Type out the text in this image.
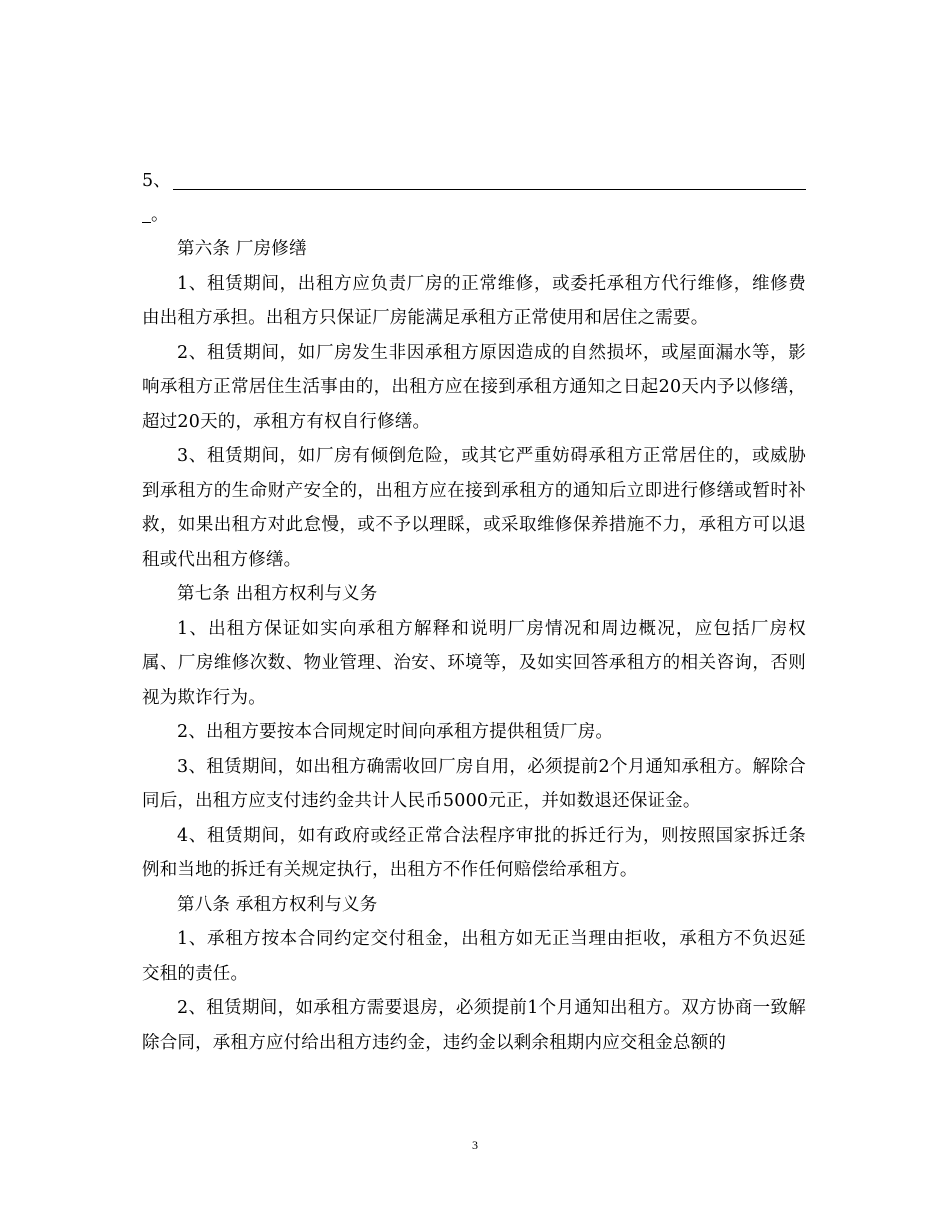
5、
。

第六条 厂房修缮

1、租赁期间，出租方应负责厂房的正常维修，或委托承租方代行维修，维修费由出租方承担。出租方只保证厂房能满足承租方正常使用和居住之需要。

2、租赁期间，如厂房发生非因承租方原因造成的自然损坏，或屋面漏水等，影响承租方正常居住生活事由的，出租方应在接到承租方通知之日起20天内予以修缮，超过20天的，承租方有权自行修缮。

3、租赁期间，如厂房有倾倒危险，或其它严重妨碍承租方正常居住的，或威胁到承租方的生命财产安全的，出租方应在接到承租方的通知后立即进行修缮或暂时补救，如果出租方对此怠慢，或不予以理睬，或采取维修保养措施不力，承租方可以退租或代出租方修缮。

第七条 出租方权利与义务

1、出租方保证如实向承租方解释和说明厂房情况和周边概况，应包括厂房权属、厂房维修次数、物业管理、治安、环境等，及如实回答承租方的相关咨询，否则视为欺诈行为。

2、出租方要按本合同规定时间向承租方提供租赁厂房。

3、租赁期间，如出租方确需收回厂房自用，必须提前2个月通知承租方。解除合同后，出租方应支付违约金共计人民币5000元正，并如数退还保证金。

4、租赁期间，如有政府或经正常合法程序审批的拆迁行为，则按照国家拆迁条例和当地的拆迁有关规定执行，出租方不作任何赔偿给承租方。

第八条 承租方权利与义务

1、承租方按本合同约定交付租金，出租方如无正当理由拒收，承租方不负迟延交租的责任。

2、租赁期间，如承租方需要退房，必须提前1个月通知出租方。双方协商一致解除合同，承租方应付给出租方违约金，违约金以剩余租期内应交租金总额的

3
